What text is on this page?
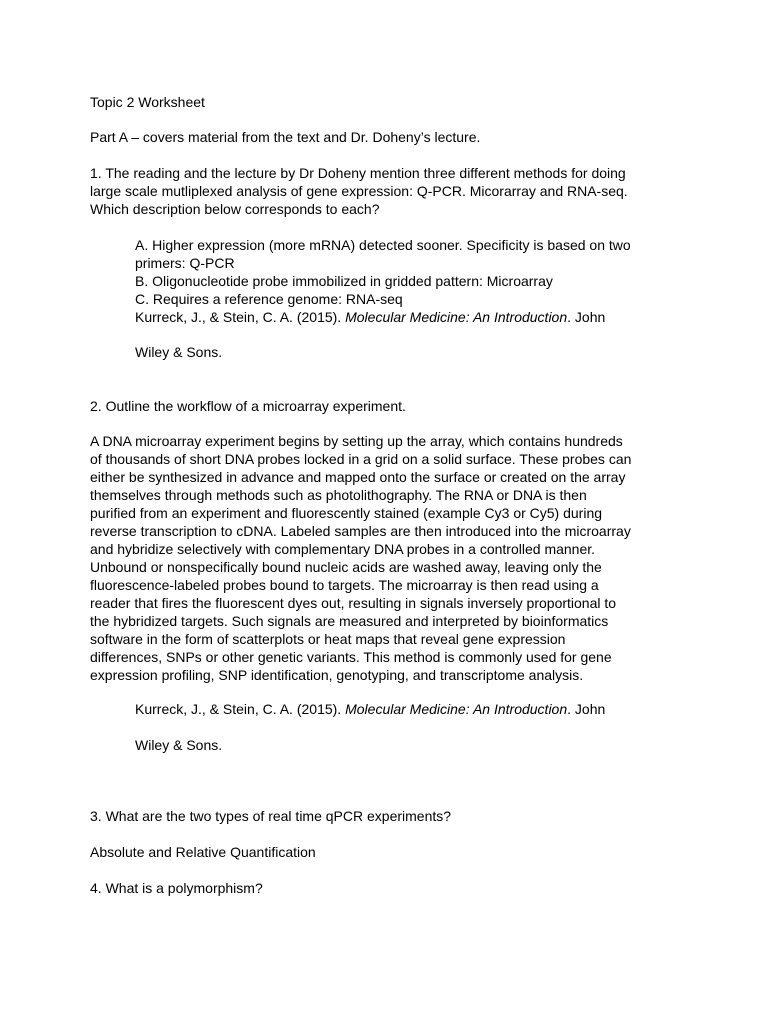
Topic 2 Worksheet

Part A – covers material from the text and Dr. Doheny’s lecture.

1. The reading and the lecture by Dr Doheny mention three different methods for doing
large scale mutliplexed analysis of gene expression: Q-PCR. Micorarray and RNA-seq.
Which description below corresponds to each?

A. Higher expression (more mRNA) detected sooner. Specificity is based on two
primers: Q-PCR
B. Oligonucleotide probe immobilized in gridded pattern: Microarray
C. Requires a reference genome: RNA-seq
Kurreck, J., & Stein, C. A. (2015). Molecular Medicine: An Introduction. John

Wiley & Sons.

2. Outline the workflow of a microarray experiment.

A DNA microarray experiment begins by setting up the array, which contains hundreds
of thousands of short DNA probes locked in a grid on a solid surface. These probes can
either be synthesized in advance and mapped onto the surface or created on the array
themselves through methods such as photolithography. The RNA or DNA is then
purified from an experiment and fluorescently stained (example Cy3 or Cy5) during
reverse transcription to cDNA. Labeled samples are then introduced into the microarray
and hybridize selectively with complementary DNA probes in a controlled manner.
Unbound or nonspecifically bound nucleic acids are washed away, leaving only the
fluorescence-labeled probes bound to targets. The microarray is then read using a
reader that fires the fluorescent dyes out, resulting in signals inversely proportional to
the hybridized targets. Such signals are measured and interpreted by bioinformatics
software in the form of scatterplots or heat maps that reveal gene expression
differences, SNPs or other genetic variants. This method is commonly used for gene
expression profiling, SNP identification, genotyping, and transcriptome analysis.

Kurreck, J., & Stein, C. A. (2015). Molecular Medicine: An Introduction. John

Wiley & Sons.

3. What are the two types of real time qPCR experiments?

Absolute and Relative Quantification

4. What is a polymorphism?
